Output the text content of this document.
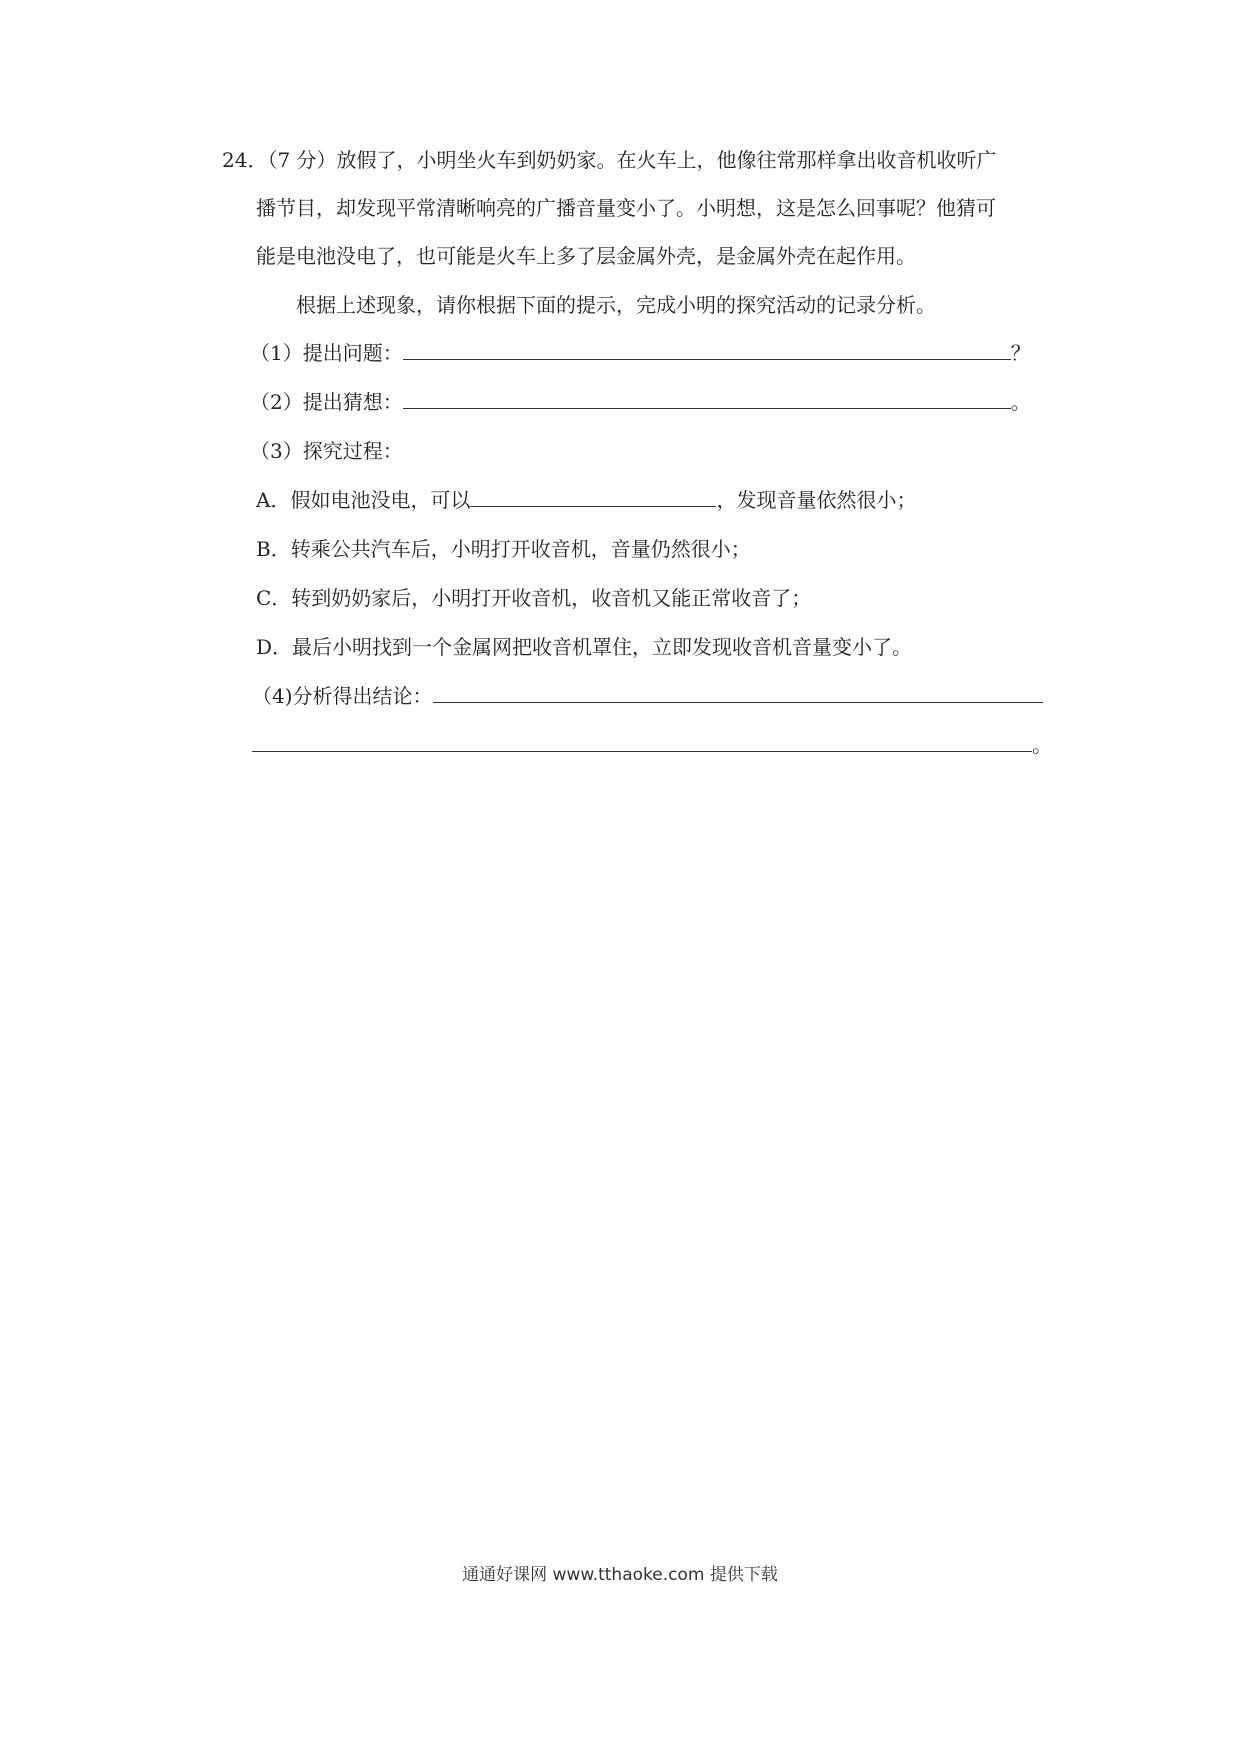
24．（7 分）放假了，小明坐火车到奶奶家。在火车上，他像往常那样拿出收音机收听广
播节目，却发现平常清晰响亮的广播音量变小了。小明想，这是怎么回事呢？他猜可
能是电池没电了，也可能是火车上多了层金属外壳，是金属外壳在起作用。
根据上述现象，请你根据下面的提示，完成小明的探究活动的记录分析。
（1）提出问题：	？
（2）提出猜想：	。
（3）探究过程：
A．假如电池没电，可以	，发现音量依然很小；
B．转乘公共汽车后，小明打开收音机，音量仍然很小；
C．转到奶奶家后，小明打开收音机，收音机又能正常收音了；
D．最后小明找到一个金属网把收音机罩住，立即发现收音机音量变小了。
（4)分析得出结论：
。
通通好课网 www.tthaoke.com 提供下载
